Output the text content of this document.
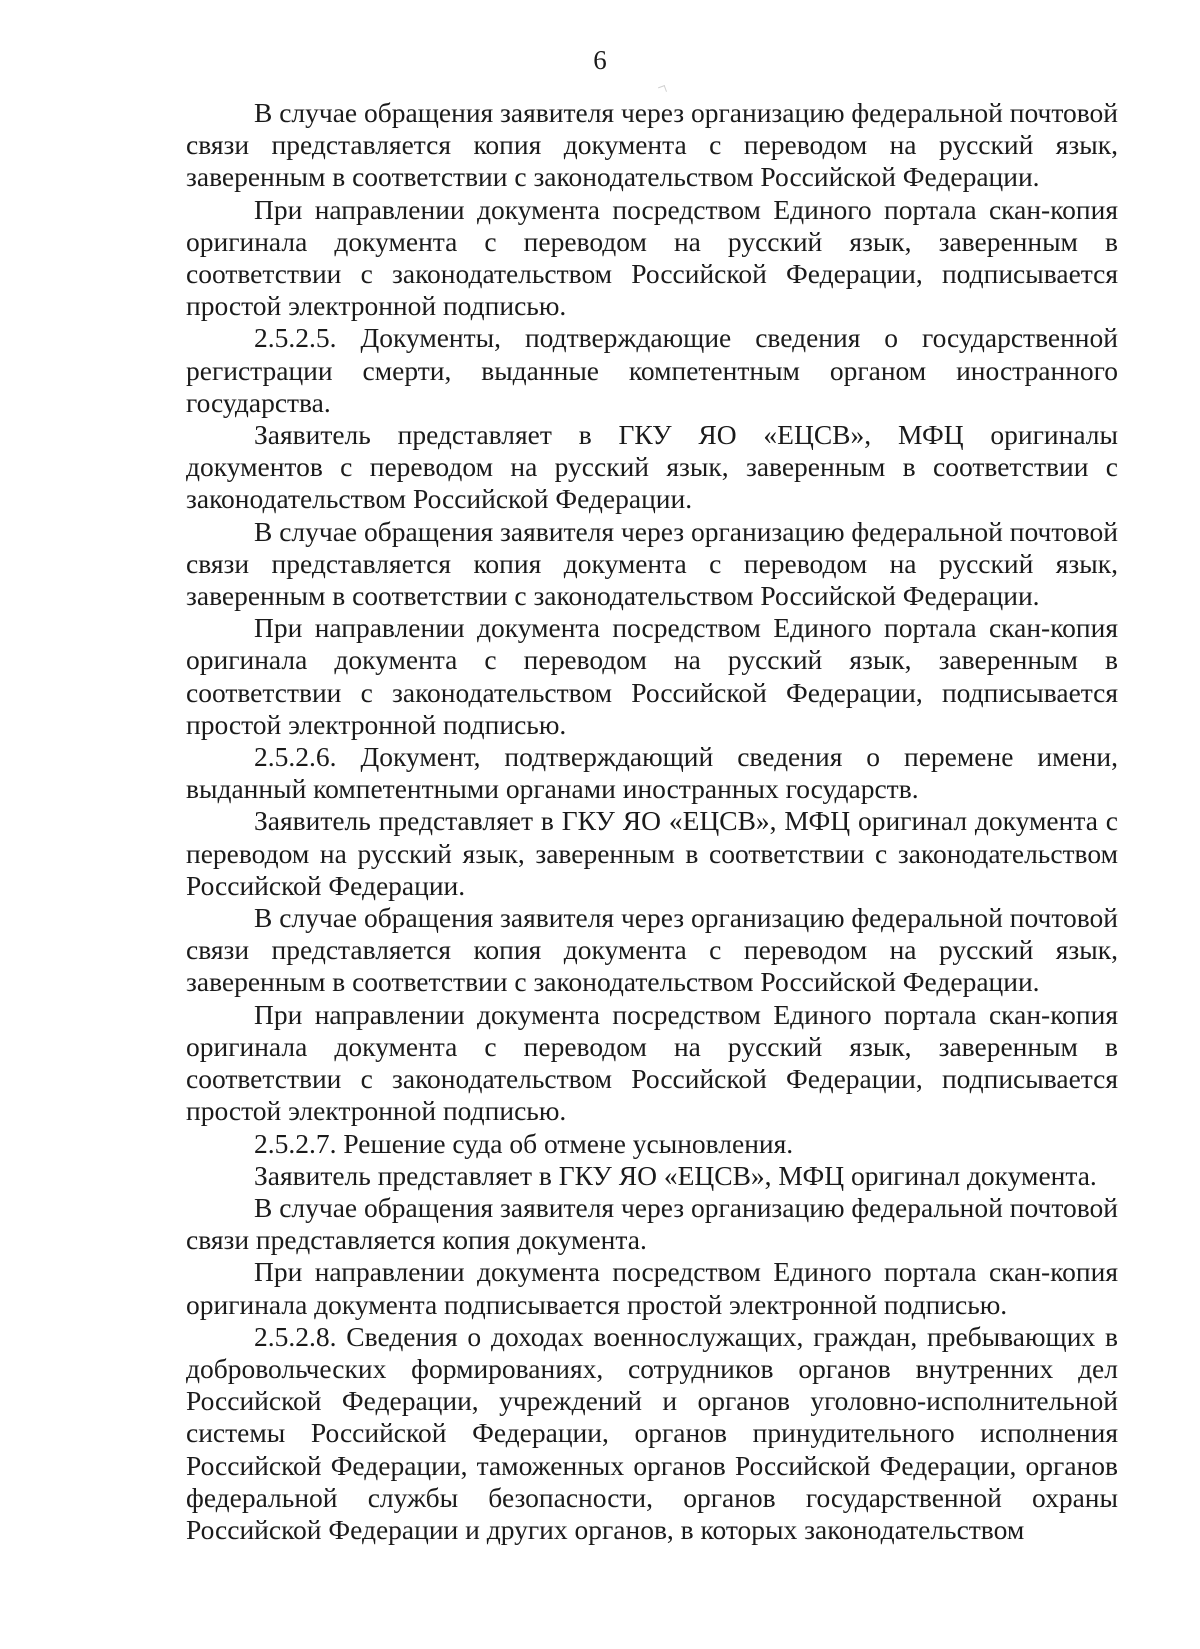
6

В случае обращения заявителя через организацию федеральной почтовой связи представляется копия документа с переводом на русский язык, заверенным в соответствии с законодательством Российской Федерации.

При направлении документа посредством Единого портала скан-копия оригинала документа с переводом на русский язык, заверенным в соответствии с законодательством Российской Федерации, подписывается простой электронной подписью.

2.5.2.5. Документы, подтверждающие сведения о государственной регистрации смерти, выданные компетентным органом иностранного государства.

Заявитель представляет в ГКУ ЯО «ЕЦСВ», МФЦ оригиналы документов с переводом на русский язык, заверенным в соответствии с законодательством Российской Федерации.

В случае обращения заявителя через организацию федеральной почтовой связи представляется копия документа с переводом на русский язык, заверенным в соответствии с законодательством Российской Федерации.

При направлении документа посредством Единого портала скан-копия оригинала документа с переводом на русский язык, заверенным в соответствии с законодательством Российской Федерации, подписывается простой электронной подписью.

2.5.2.6. Документ, подтверждающий сведения о перемене имени, выданный компетентными органами иностранных государств.

Заявитель представляет в ГКУ ЯО «ЕЦСВ», МФЦ оригинал документа с переводом на русский язык, заверенным в соответствии с законодательством Российской Федерации.

В случае обращения заявителя через организацию федеральной почтовой связи представляется копия документа с переводом на русский язык, заверенным в соответствии с законодательством Российской Федерации.

При направлении документа посредством Единого портала скан-копия оригинала документа с переводом на русский язык, заверенным в соответствии с законодательством Российской Федерации, подписывается простой электронной подписью.

2.5.2.7. Решение суда об отмене усыновления.

Заявитель представляет в ГКУ ЯО «ЕЦСВ», МФЦ оригинал документа.

В случае обращения заявителя через организацию федеральной почтовой связи представляется копия документа.

При направлении документа посредством Единого портала скан-копия оригинала документа подписывается простой электронной подписью.

2.5.2.8. Сведения о доходах военнослужащих, граждан, пребывающих в добровольческих формированиях, сотрудников органов внутренних дел Российской Федерации, учреждений и органов уголовно-исполнительной системы Российской Федерации, органов принудительного исполнения Российской Федерации, таможенных органов Российской Федерации, органов федеральной службы безопасности, органов государственной охраны Российской Федерации и других органов, в которых законодательством
